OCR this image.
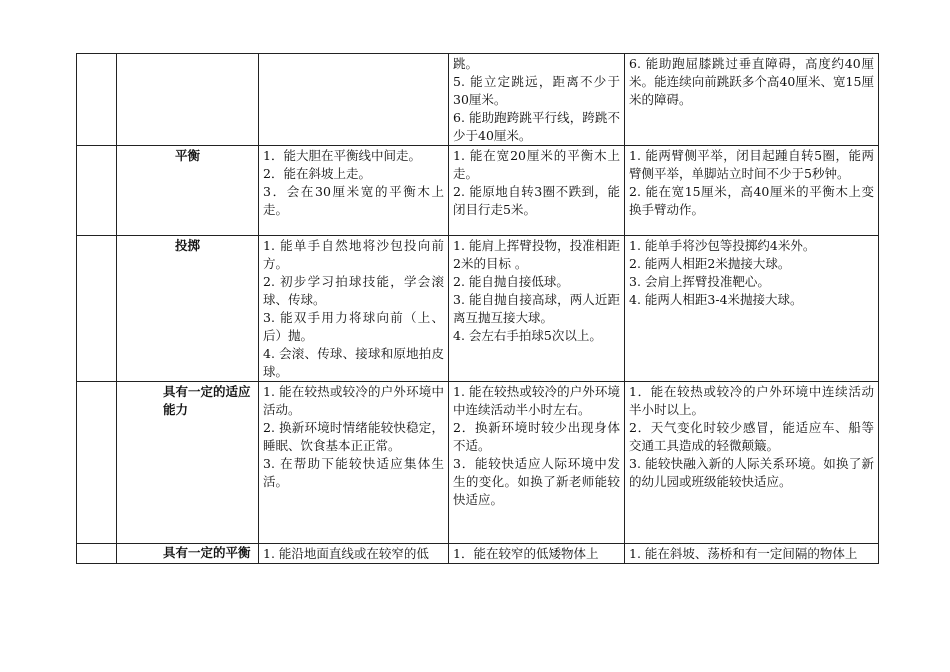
			跳。
5. 能立定跳远，距离不少于30厘米。
6. 能助跑跨跳平行线，跨跳不少于40厘米。	6. 能助跑屈膝跳过垂直障碍，高度约40厘米。能连续向前跳跃多个高40厘米、宽15厘米的障碍。

	平衡	1．能大胆在平衡线中间走。
2．能在斜坡上走。
3．会在30厘米宽的平衡木上走。	1. 能在宽20厘米的平衡木上走。
2. 能原地自转3圈不跌到，能闭目行走5米。	1. 能两臂侧平举，闭目起踵自转5圈，能两臂侧平举，单脚站立时间不少于5秒钟。
2. 能在宽15厘米，高40厘米的平衡木上变换手臂动作。

	投掷	1. 能单手自然地将沙包投向前方。
2. 初步学习拍球技能，学会滚球、传球。
3. 能双手用力将球向前（上、后）抛。
4. 会滚、传球、接球和原地拍皮球。	1. 能肩上挥臂投物，投准相距2米的目标 。
2. 能自抛自接低球。
3. 能自抛自接高球，两人近距离互抛互接大球。
4. 会左右手拍球5次以上。	1. 能单手将沙包等投掷约4米外。
2. 能两人相距2米抛接大球。
3. 会肩上挥臂投准靶心。
4. 能两人相距3-4米抛接大球。

	具有一定的适应能力	1. 能在较热或较冷的户外环境中活动。
2. 换新环境时情绪能较快稳定，睡眠、饮食基本正正常。
3. 在帮助下能较快适应集体生活。	1. 能在较热或较冷的户外环境中连续活动半小时左右。
2．换新环境时较少出现身体不适。
3．能较快适应人际环境中发生的变化。如换了新老师能较快适应。	1．能在较热或较冷的户外环境中连续活动半小时以上。
2．天气变化时较少感冒，能适应车、船等交通工具造成的轻微颠簸。
3. 能较快融入新的人际关系环境。如换了新的幼儿园或班级能较快适应。

	具有一定的平衡	1. 能沿地面直线或在较窄的低	1．能在较窄的低矮物体上	1. 能在斜坡、荡桥和有一定间隔的物体上
